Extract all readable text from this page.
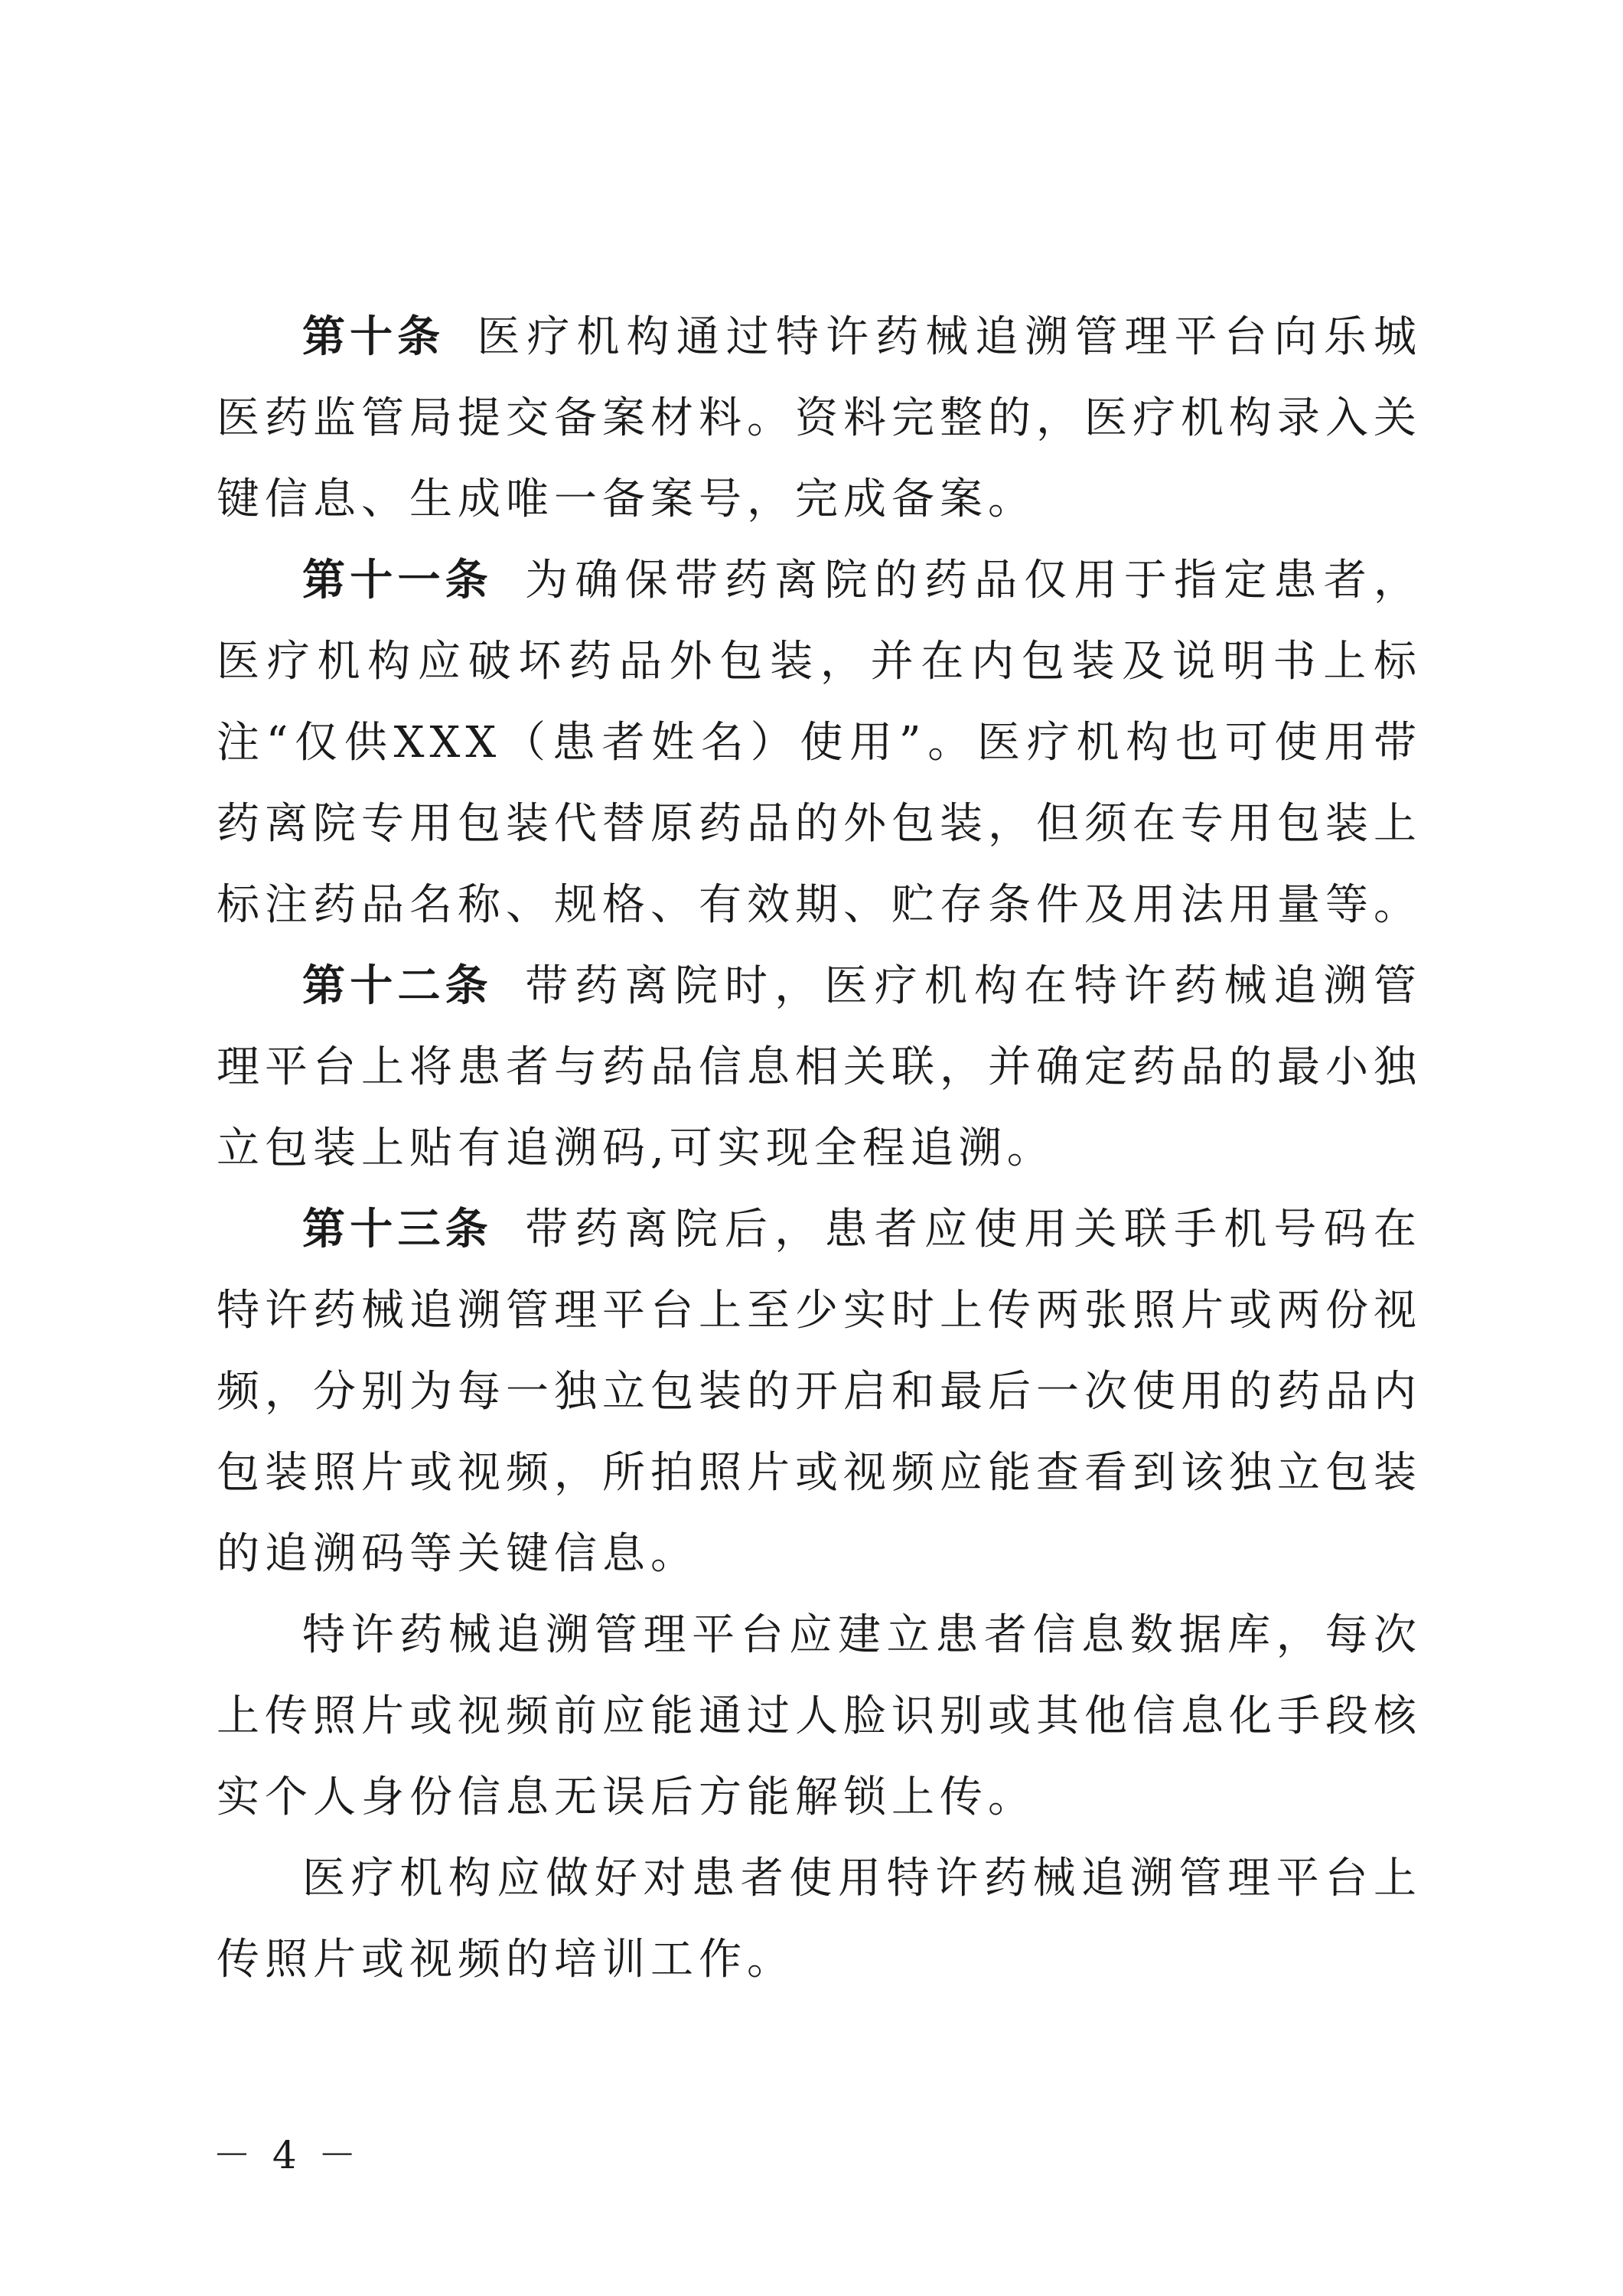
第十条 医疗机构通过特许药械追溯管理平台向乐城医药监管局提交备案材料。资料完整的，医疗机构录入关键信息、生成唯一备案号，完成备案。

第十一条 为确保带药离院的药品仅用于指定患者，医疗机构应破坏药品外包装，并在内包装及说明书上标注“仅供XXX（患者姓名）使用”。医疗机构也可使用带药离院专用包装代替原药品的外包装，但须在专用包装上标注药品名称、规格、有效期、贮存条件及用法用量等。

第十二条 带药离院时，医疗机构在特许药械追溯管理平台上将患者与药品信息相关联，并确定药品的最小独立包装上贴有追溯码,可实现全程追溯。

第十三条 带药离院后，患者应使用关联手机号码在特许药械追溯管理平台上至少实时上传两张照片或两份视频，分别为每一独立包装的开启和最后一次使用的药品内包装照片或视频，所拍照片或视频应能查看到该独立包装的追溯码等关键信息。

特许药械追溯管理平台应建立患者信息数据库，每次上传照片或视频前应能通过人脸识别或其他信息化手段核实个人身份信息无误后方能解锁上传。

医疗机构应做好对患者使用特许药械追溯管理平台上传照片或视频的培训工作。

－ 4 －
